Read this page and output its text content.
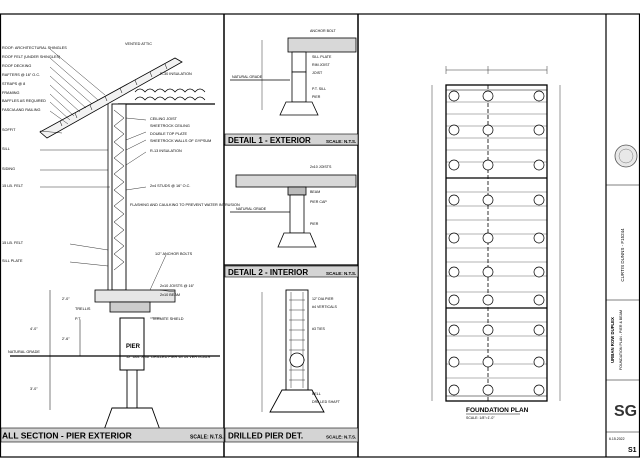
ROOF: ARCHITECTURAL SHINGLES
ROOF FELT (UNDER SHINGLES)
ROOF DECKING
RAFTERS @ 16" O.C.
STRAPS @ 8
FRAMING
BAFFLES AS REQUIRED
FASCIA AND RAILING
SOFFIT
SILL
SIDING
15 LB. FELT
15 LB. FELT
SILL PLATE
TRELLIS
P.T.
CEILING JOIST
SHEETROCK CEILING
DOUBLE TOP PLATE
SHEETROCK WALLS OF GYPSUM
R-13 INSULATION
2x4 STUDS @ 16" O.C.
R-30 INSULATION
VENTED ATTIC
FLASHING AND CAULKING TO PREVENT WATER INTRUSION
1/2" ANCHOR BOLTS
2x10 JOISTS @ 16"
2x10 BEAM
TERMITE SHIELD
12" DIA. X 36" DRILLED PIER W/ #4 VERTICALS
NATURAL GRADE
4'-0"
2'-6"
3'-0"
2'-0"
PIER
ALL SECTION - PIER EXTERIOR	SCALE: N.T.S.
ANCHOR BOLT
SILL PLATE
RIM JOIST
JOIST
P.T. SILL
PIER
NATURAL GRADE
DETAIL 1 - EXTERIOR	SCALE: N.T.S.
2x10 JOISTS
BEAM
PIER CAP
PIER
NATURAL GRADE
DETAIL 2 - INTERIOR	SCALE: N.T.S.
12" DIA PIER
#4 VERTICALS
#3 TIES
BELL
DRILLED SHAFT
DRILLED PIER DET.	SCALE: N.T.S.
FOUNDATION PLAN
SCALE: 1/8"=1'-0"
CURTIS DUNNS - F15244
URBAN ROW DUPLEX FOUNDATION PLAN - PIER & BEAM
SG
6.15.2022
S1
